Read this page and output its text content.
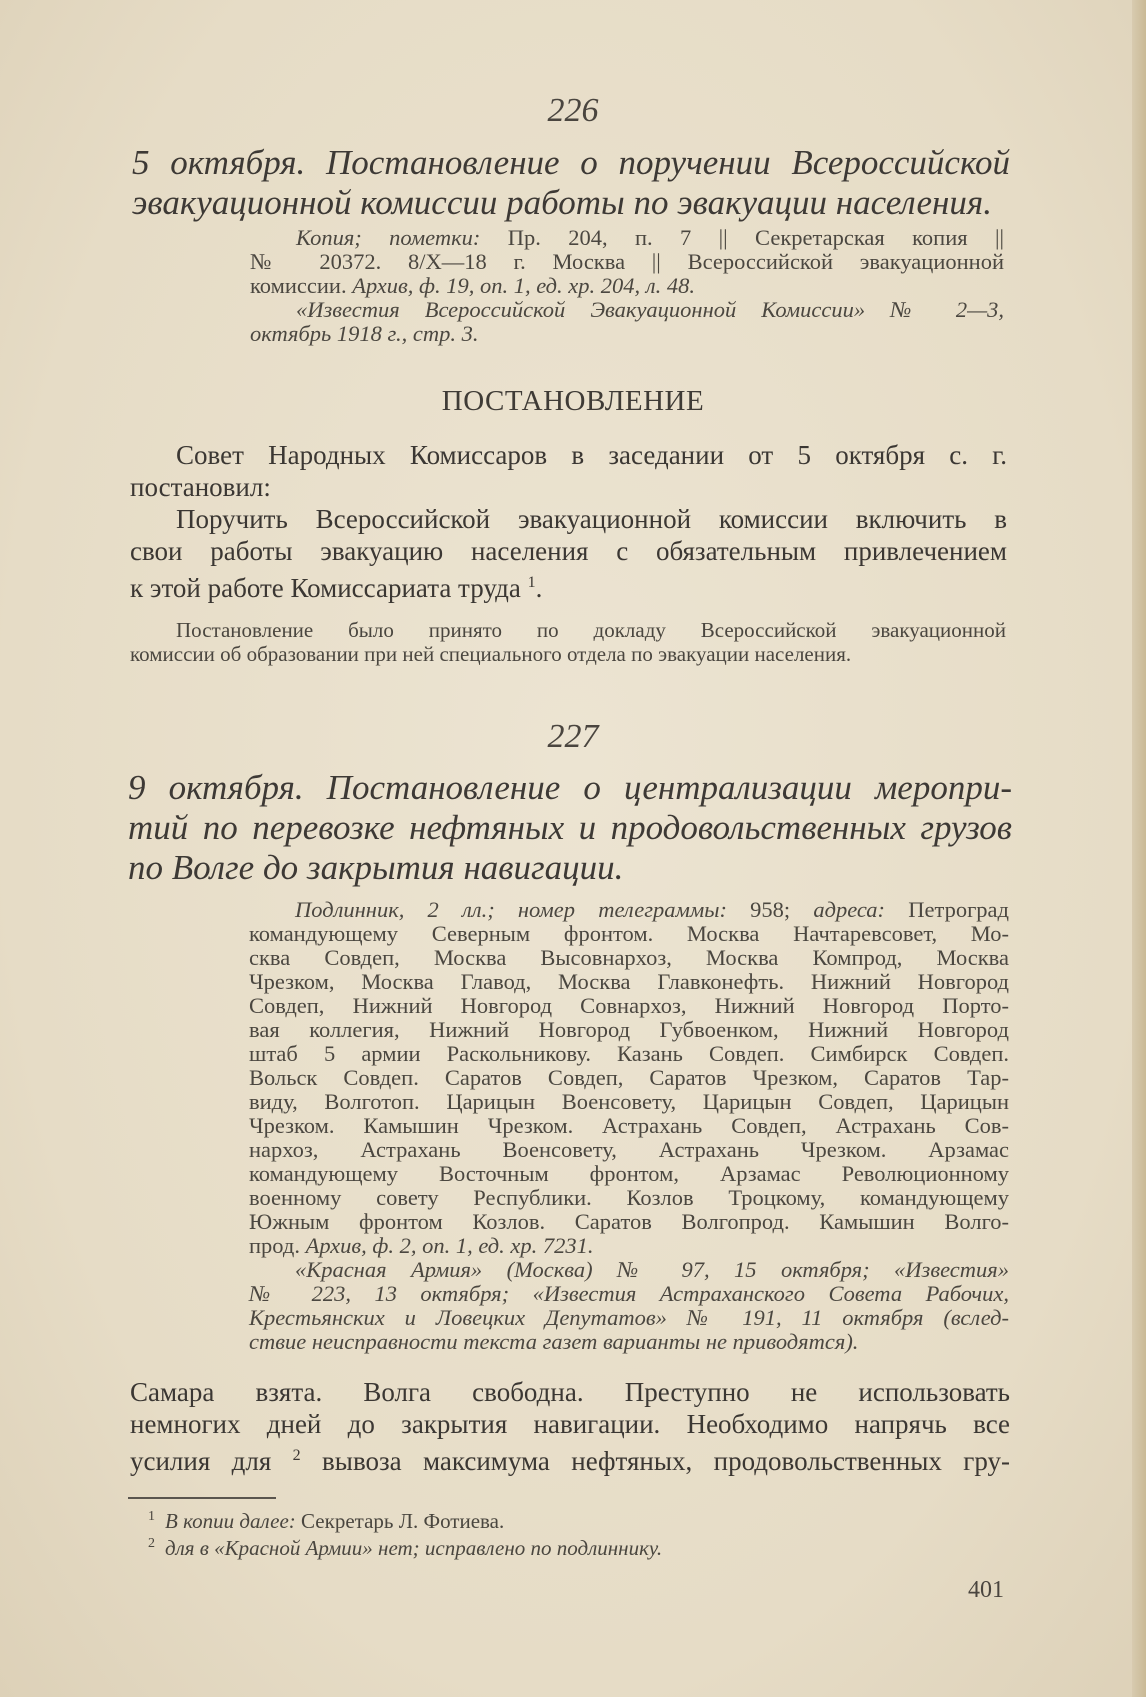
226
5 октября. Постановление о поручении Всероссийской
эвакуационной комиссии работы по эвакуации населения.
Копия; пометки: Пр. 204, п. 7 || Секретарская копия ||
№ 20372. 8/X—18 г. Москва || Всероссийской эвакуационной
комиссии. Архив, ф. 19, оп. 1, ед. хр. 204, л. 48.
«Известия Всероссийской Эвакуационной Комиссии» № 2—3,
октябрь 1918 г., стр. 3.
ПОСТАНОВЛЕНИЕ
Совет Народных Комиссаров в заседании от 5 октября с. г.
постановил:
Поручить Всероссийской эвакуационной комиссии включить в
свои работы эвакуацию населения с обязательным привлечением
к этой работе Комиссариата труда $^1$.
Постановление было принято по докладу Всероссийской эвакуационной
комиссии об образовании при ней специального отдела по эвакуации населения.
227
9 октября. Постановление о централизации меропри-
тий по перевозке нефтяных и продовольственных грузов
по Волге до закрытия навигации.
Подлинник, 2 лл.; номер телеграммы: 958; адреса: Петроград
командующему Северным фронтом. Москва Начтаревсовет, Мо-
сква Совдеп, Москва Высовнархоз, Москва Компрод, Москва
Чрезком, Москва Главод, Москва Главконефть. Нижний Новгород
Совдеп, Нижний Новгород Совнархоз, Нижний Новгород Порто-
вая коллегия, Нижний Новгород Губвоенком, Нижний Новгород
штаб 5 армии Раскольникову. Казань Совдеп. Симбирск Совдеп.
Вольск Совдеп. Саратов Совдеп, Саратов Чрезком, Саратов Тар-
виду, Волготоп. Царицын Военсовету, Царицын Совдеп, Царицын
Чрезком. Камышин Чрезком. Астрахань Совдеп, Астрахань Сов-
нархоз, Астрахань Военсовету, Астрахань Чрезком. Арзамас
командующему Восточным фронтом, Арзамас Революционному
военному совету Республики. Козлов Троцкому, командующему
Южным фронтом Козлов. Саратов Волгопрод. Камышин Волго-
прод. Архив, ф. 2, оп. 1, ед. хр. 7231.
«Красная Армия» (Москва) № 97, 15 октября; «Известия»
№ 223, 13 октября; «Известия Астраханского Совета Рабочих,
Крестьянских и Ловецких Депутатов» № 191, 11 октября (вслед-
ствие неисправности текста газет варианты не приводятся).
Самара взята. Волга свободна. Преступно не использовать
немногих дней до закрытия навигации. Необходимо напрячь все
усилия для $^2$ вывоза максимума нефтяных, продовольственных гру-
$^1$ В копии далее: Секретарь Л. Фотиева.
$^2$ для в «Красной Армии» нет; исправлено по подлиннику.
401
